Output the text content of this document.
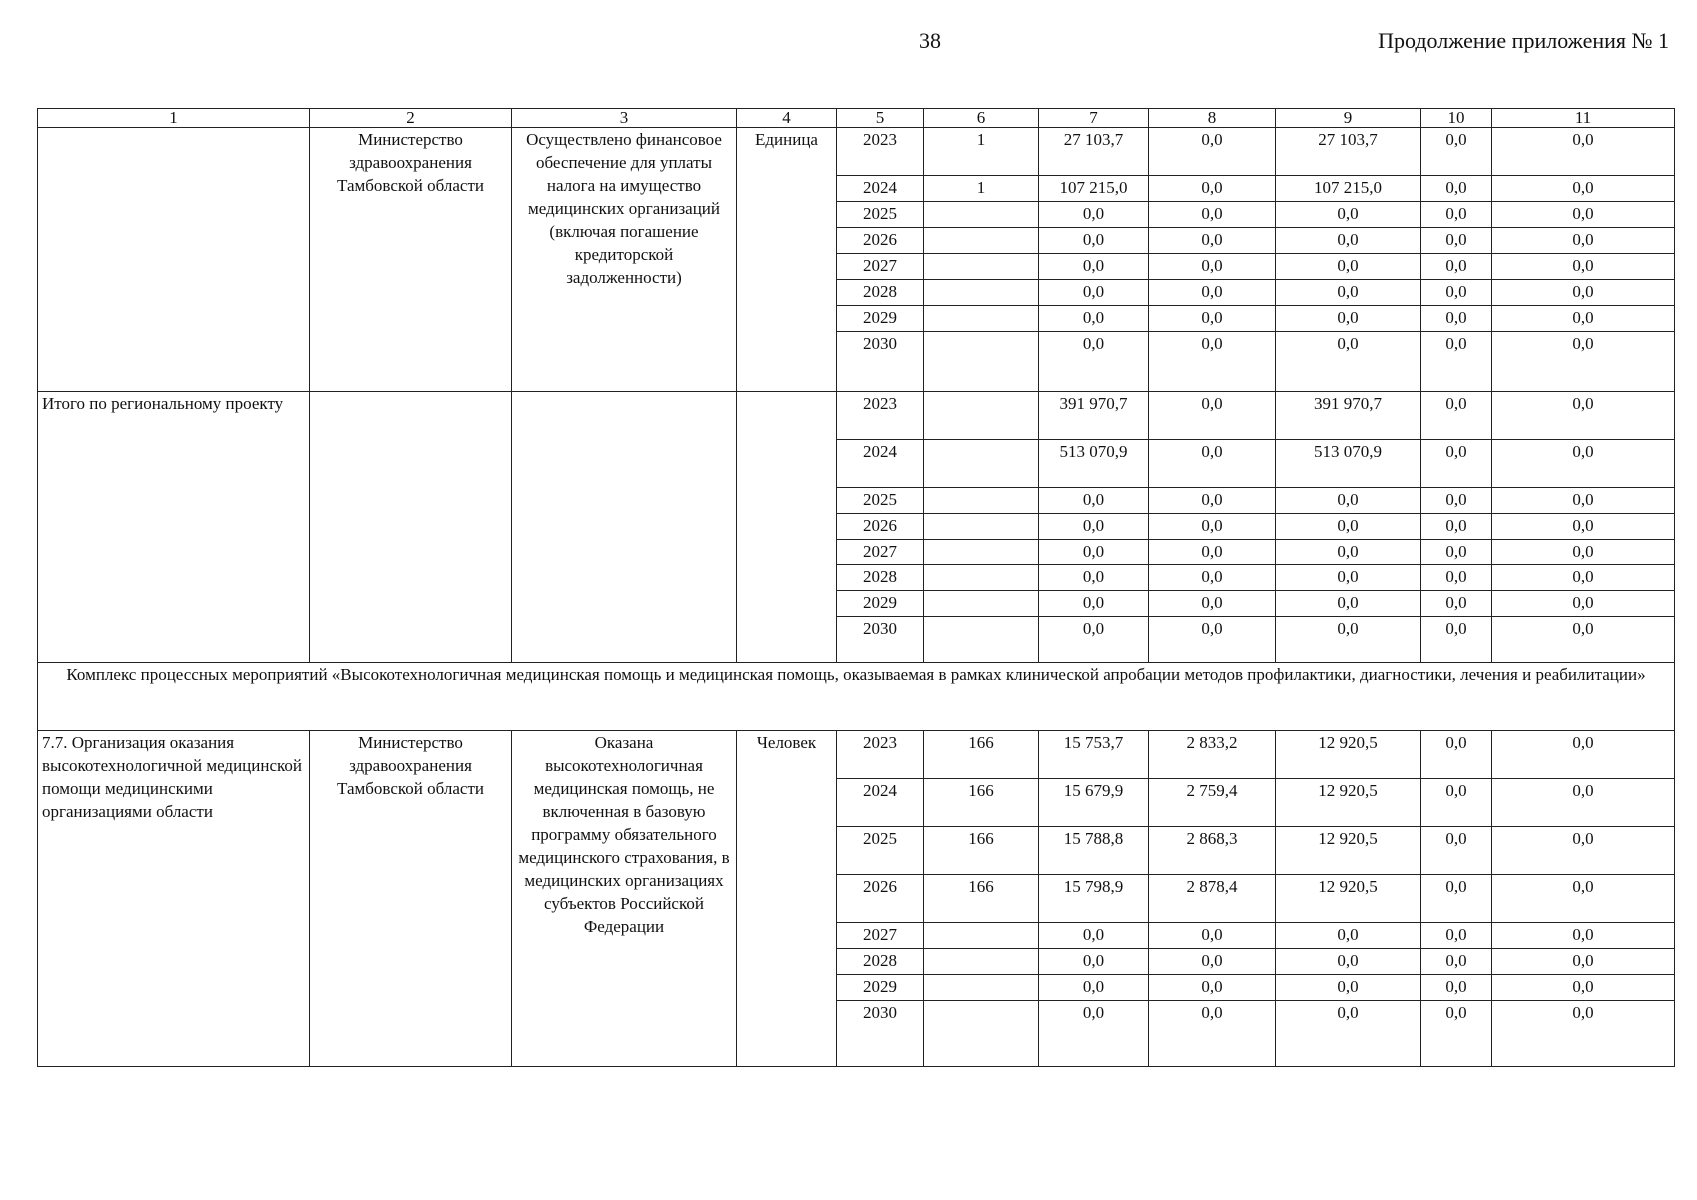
38	Продолжение приложения № 1
1	2	3	4	5	6	7	8	9	10	11
	Министерство здравоохранения Тамбовской области	Осуществлено финансовое обеспечение для уплаты налога на имущество медицинских организаций (включая погашение кредиторской задолженности)	Единица	2023	1	27 103,7	0,0	27 103,7	0,0	0,0
				2024	1	107 215,0	0,0	107 215,0	0,0	0,0
				2025		0,0	0,0	0,0	0,0	0,0
				2026		0,0	0,0	0,0	0,0	0,0
				2027		0,0	0,0	0,0	0,0	0,0
				2028		0,0	0,0	0,0	0,0	0,0
				2029		0,0	0,0	0,0	0,0	0,0
				2030		0,0	0,0	0,0	0,0	0,0
Итого по региональному проекту				2023		391 970,7	0,0	391 970,7	0,0	0,0
				2024		513 070,9	0,0	513 070,9	0,0	0,0
				2025		0,0	0,0	0,0	0,0	0,0
				2026		0,0	0,0	0,0	0,0	0,0
				2027		0,0	0,0	0,0	0,0	0,0
				2028		0,0	0,0	0,0	0,0	0,0
				2029		0,0	0,0	0,0	0,0	0,0
				2030		0,0	0,0	0,0	0,0	0,0
Комплекс процессных мероприятий «Высокотехнологичная медицинская помощь и медицинская помощь, оказываемая в рамках клинической апробации методов профилактики, диагностики, лечения и реабилитации»										
7.7. Организация оказания высокотехнологичной медицинской помощи медицинскими организациями области	Министерство здравоохранения Тамбовской области	Оказана высокотехнологичная медицинская помощь, не включенная в базовую программу обязательного медицинского страхования, в медицинских организациях субъектов Российской Федерации	Человек	2023	166	15 753,7	2 833,2	12 920,5	0,0	0,0
				2024	166	15 679,9	2 759,4	12 920,5	0,0	0,0
				2025	166	15 788,8	2 868,3	12 920,5	0,0	0,0
				2026	166	15 798,9	2 878,4	12 920,5	0,0	0,0
				2027		0,0	0,0	0,0	0,0	0,0
				2028		0,0	0,0	0,0	0,0	0,0
				2029		0,0	0,0	0,0	0,0	0,0
				2030		0,0	0,0	0,0	0,0	0,0
